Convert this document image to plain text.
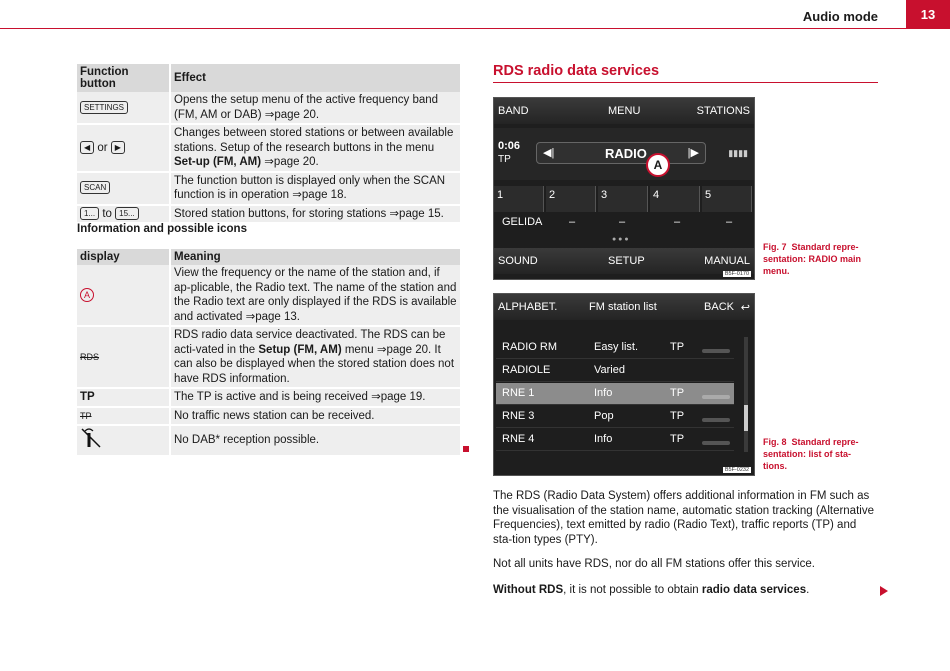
Audio mode	13
Function button	Effect
SETTINGS	Opens the setup menu of the active frequency band (FM, AM or DAB) ⇒page 20.
◀ or ▶	Changes between stored stations or between available stations. Setup of the research buttons in the menu Set-up (FM, AM) ⇒page 20.
SCAN	The function button is displayed only when the SCAN function is in operation ⇒page 18.
1... to 15...	Stored station buttons, for storing stations ⇒page 15.
Information and possible icons
display	Meaning
A	View the frequency or the name of the station and, if ap-plicable, the Radio text. The name of the station and the Radio text are only displayed if the RDS is available and activated ⇒page 13.
RDS	RDS radio data service deactivated. The RDS can be acti-vated in the Setup (FM, AM) menu ⇒page 20. It can also be displayed when the stored station does not have RDS information.
TP	The TP is active and is being received ⇒page 19.
TP	No traffic news station can be received.
	No DAB* reception possible.
RDS radio data services
BAND	MENU	STATIONS
0:06
TP
◀|	RADIO	|▶
A
▮▮▮▮
1	2	3	4	5
GELIDA	–	–	–	–
● ● ●
SOUND	SETUP	MANUAL
B5F-0170
Fig. 7 Standard repre-sentation: RADIO main menu.
ALPHABET.	FM station list	BACK ↩
RADIO RM	Easy list.	TP
RADIOLE	Varied
RNE 1	Info	TP
RNE 3	Pop	TP
RNE 4	Info	TP
B5F-0232
Fig. 8 Standard repre-sentation: list of sta-tions.
The RDS (Radio Data System) offers additional information in FM such as the visualisation of the station name, automatic station tracking (Alternative Frequencies), text emitted by radio (Radio Text), traffic reports (TP) and sta-tion types (PTY).
Not all units have RDS, nor do all FM stations offer this service.
Without RDS, it is not possible to obtain radio data services.
